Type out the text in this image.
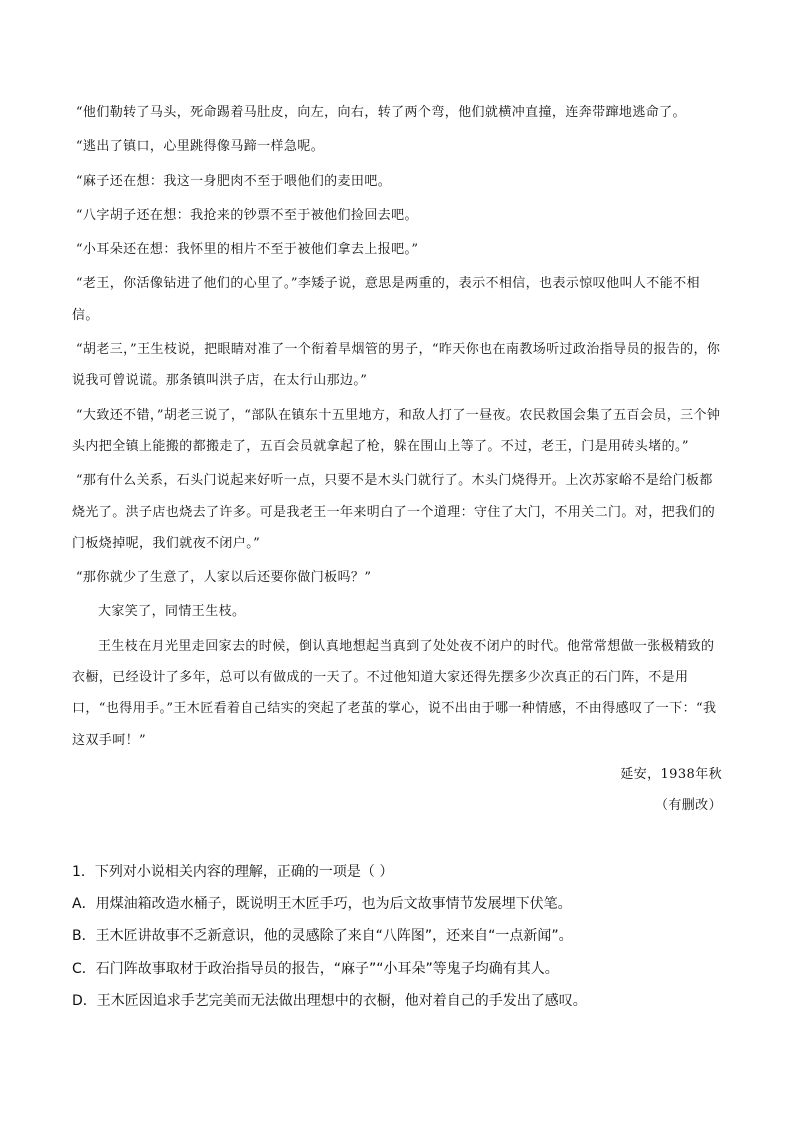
“他们勒转了马头，死命踢着马肚皮，向左，向右，转了两个弯，他们就横冲直撞，连奔带蹿地逃命了。

“逃出了镇口，心里跳得像马蹄一样急呢。

“麻子还在想：我这一身肥肉不至于喂他们的麦田吧。

“八字胡子还在想：我抢来的钞票不至于被他们捡回去吧。

“小耳朵还在想：我怀里的相片不至于被他们拿去上报吧。”

“老王，你活像钻进了他们的心里了。”李矮子说，意思是两重的，表示不相信，也表示惊叹他叫人不能不相信。

“胡老三，”王生枝说，把眼睛对准了一个衔着旱烟管的男子，“昨天你也在南教场听过政治指导员的报告的，你说我可曾说谎。那条镇叫洪子店，在太行山那边。”

“大致还不错，”胡老三说了，“部队在镇东十五里地方，和敌人打了一昼夜。农民救国会集了五百会员，三个钟头内把全镇上能搬的都搬走了，五百会员就拿起了枪，躲在围山上等了。不过，老王，门是用砖头堵的。”

“那有什么关系，石头门说起来好听一点，只要不是木头门就行了。木头门烧得开。上次苏家峪不是给门板都烧光了。洪子店也烧去了许多。可是我老王一年来明白了一个道理：守住了大门，不用关二门。对，把我们的门板烧掉呢，我们就夜不闭户。”

“那你就少了生意了，人家以后还要你做门板吗？”

大家笑了，同情王生枝。

王生枝在月光里走回家去的时候，倒认真地想起当真到了处处夜不闭户的时代。他常常想做一张极精致的衣橱，已经设计了多年，总可以有做成的一天了。不过他知道大家还得先摆多少次真正的石门阵，不是用口，“也得用手。”王木匠看着自己结实的突起了老茧的掌心，说不出由于哪一种情感，不由得感叹了一下：“我这双手呵！”

延安，1938年秋
（有删改）
1．下列对小说相关内容的理解，正确的一项是（ ）
A．用煤油箱改造水桶子，既说明王木匠手巧，也为后文故事情节发展埋下伏笔。
B．王木匠讲故事不乏新意识，他的灵感除了来自“八阵图”，还来自“一点新闻”。
C．石门阵故事取材于政治指导员的报告，“麻子”“小耳朵”等鬼子均确有其人。
D．王木匠因追求手艺完美而无法做出理想中的衣橱，他对着自己的手发出了感叹。
